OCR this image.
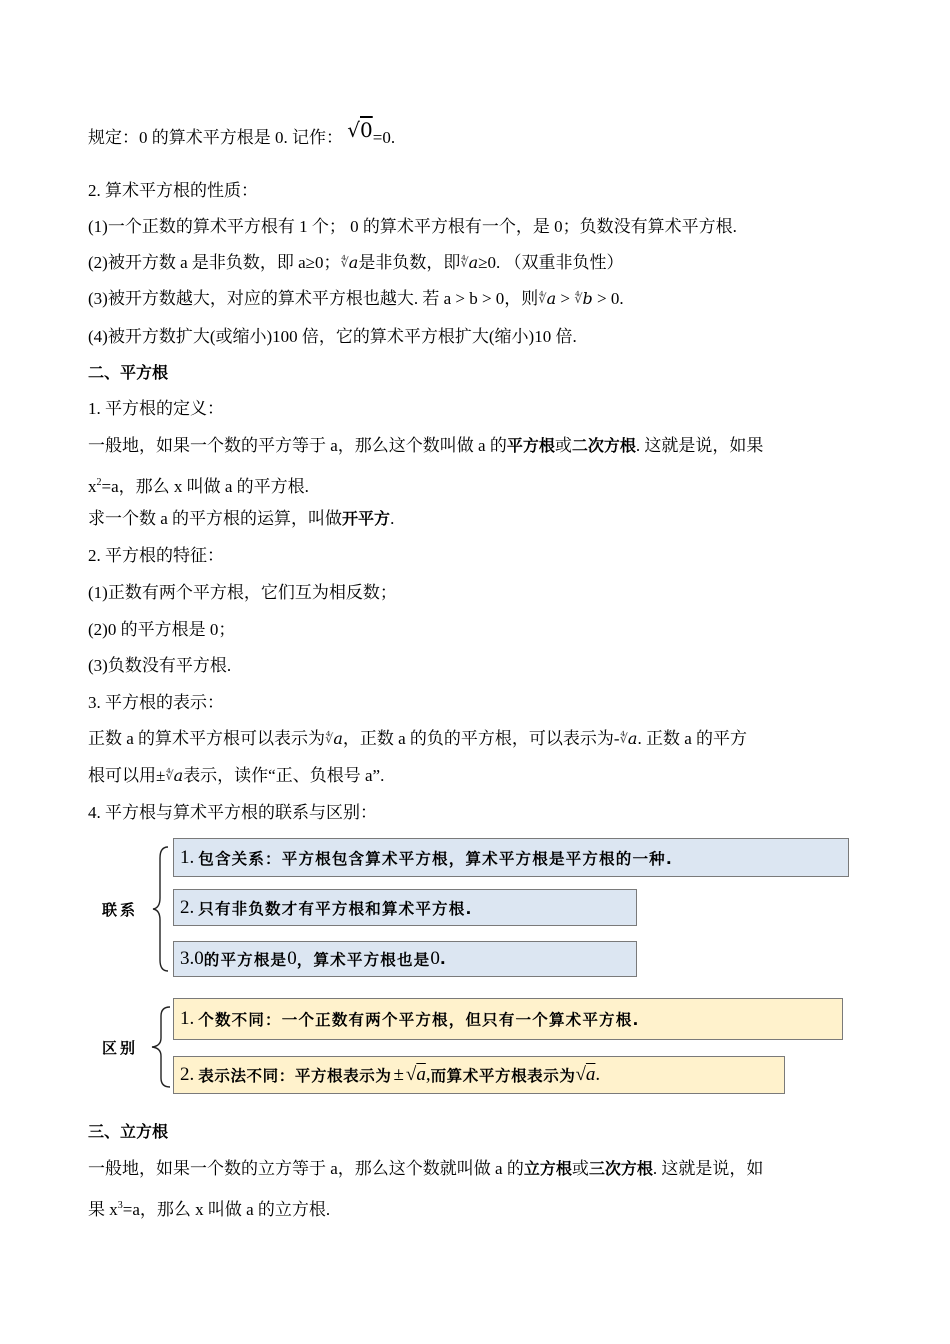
规定：0 的算术平方根是 0. 记作： √0=0.
2. 算术平方根的性质：
(1)一个正数的算术平方根有 1 个； 0 的算术平方根有一个，是 0；负数没有算术平方根.
(2)被开方数 a 是非负数，即 a≥0；∜a是非负数，即∜a≥0. （双重非负性）
(3)被开方数越大，对应的算术平方根也越大. 若 a > b > 0，则∜a > ∜b > 0.
(4)被开方数扩大(或缩小)100 倍，它的算术平方根扩大(缩小)10 倍.
二、平方根
1. 平方根的定义：
一般地，如果一个数的平方等于 a，那么这个数叫做 a 的平方根或二次方根. 这就是说，如果
$x^2=a$，那么 x 叫做 a 的平方根.
求一个数 a 的平方根的运算，叫做开平方.
2. 平方根的特征：
(1)正数有两个平方根，它们互为相反数；
(2)0 的平方根是 0；
(3)负数没有平方根.
3. 平方根的表示：
正数 a 的算术平方根可以表示为∜a，正数 a 的负的平方根，可以表示为-∜a. 正数 a 的平方
根可以用±∜a表示，读作“正、负根号 a”.
4. 平方根与算术平方根的联系与区别：
联系
1. 包含关系：平方根包含算术平方根，算术平方根是平方根的一种.
2. 只有非负数才有平方根和算术平方根.
3. 0 的平方根是 0 ，算术平方根也是 0 .
区别
1. 个数不同：一个正数有两个平方根，但只有一个算术平方根.
2. 表示法不同：平方根表示为 ± √ a , 而算术平方根表示为 √ a .
三、立方根
一般地，如果一个数的立方等于 a，那么这个数就叫做 a 的立方根或三次方根. 这就是说，如
果 $x^3=a$，那么 x 叫做 a 的立方根.
